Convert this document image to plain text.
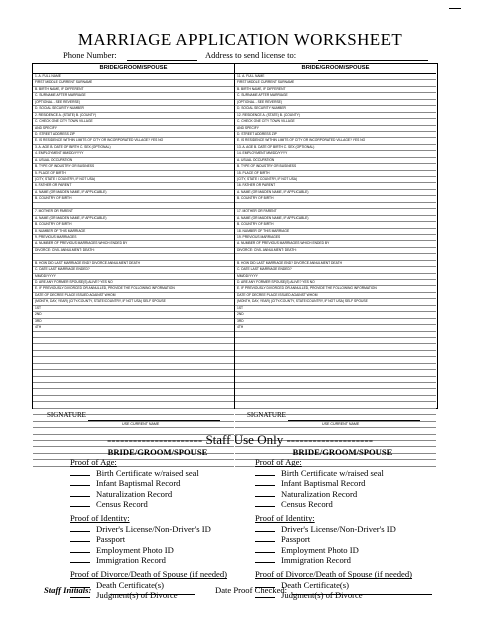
MARRIAGE APPLICATION WORKSHEET
Phone Number:	Address to send license to:
BRIDE/GROOM/SPOUSE
1. A. FULL NAME
FIRST MIDDLE CURRENT SURNAME
B. BIRTH NAME, IF DIFFERENT
C. SURNAME AFTER MARRIAGE
(OPTIONAL - SEE REVERSE)
D. SOCIAL SECURITY NUMBER
2. RESIDENCE A. (STATE) B. (COUNTY)
C. CHECK ONE CITY TOWN VILLAGE
AND SPECIFY
D. STREET ADDRESS ZIP
E. IS RESIDENCE WITHIN LIMITS OF CITY OR INCORPORATED VILLAGE? YES NO
3. A. AGE B. DATE OF BIRTH C. SEX (OPTIONAL)
4. EMPLOYMENT MM/DD/YYYY
A. USUAL OCCUPATION
B. TYPE OF INDUSTRY OR BUSINESS
5. PLACE OF BIRTH
(CITY, STATE / COUNTRY, IF NOT USA)
6. FATHER OR PARENT
A. NAME (OR MAIDEN NAME, IF APPLICABLE)
B. COUNTRY OF BIRTH
7. MOTHER OR PARENT
A. NAME (OR MAIDEN NAME, IF APPLICABLE)
B. COUNTRY OF BIRTH
8. NUMBER OF THIS MARRIAGE
9. PREVIOUS MARRIAGES
A. NUMBER OF PREVIOUS MARRIAGES WHICH ENDED BY
DIVORCE: CIVIL ANNULMENT: DEATH:
B. HOW DID LAST MARRIAGE END? DIVORCE ANNULMENT DEATH
C. DATE LAST MARRIAGE ENDED?
MM/DD/YYYY
D. ARE ANY FORMER SPOUSE(S) ALIVE? YES NO
E. IF PREVIOUSLY DIVORCED OR ANNULLED, PROVIDE THE FOLLOWING INFORMATION
DATE OF DECREE PLACE ISSUED AGAINST WHOM
(MONTH, DAY, YEAR) (CITY/COUNTY, STATE/COUNTRY, IF NOT USA) SELF SPOUSE
1ST
2ND
3RD
4TH
BRIDE/GROOM/SPOUSE
11. A. FULL NAME
FIRST MIDDLE CURRENT SURNAME
B. BIRTH NAME, IF DIFFERENT
C. SURNAME AFTER MARRIAGE
(OPTIONAL - SEE REVERSE)
D. SOCIAL SECURITY NUMBER
12. RESIDENCE A. (STATE) B. (COUNTY)
C. CHECK ONE CITY TOWN VILLAGE
AND SPECIFY
D. STREET ADDRESS ZIP
E. IS RESIDENCE WITHIN LIMITS OF CITY OR INCORPORATED VILLAGE? YES NO
13. A. AGE B. DATE OF BIRTH C. SEX (OPTIONAL)
14. EMPLOYMENT MM/DD/YYYY
A. USUAL OCCUPATION
B. TYPE OF INDUSTRY OR BUSINESS
15. PLACE OF BIRTH
(CITY, STATE / COUNTRY, IF NOT USA)
16. FATHER OR PARENT
A. NAME (OR MAIDEN NAME, IF APPLICABLE)
B. COUNTRY OF BIRTH
17. MOTHER OR PARENT
A. NAME (OR MAIDEN NAME, IF APPLICABLE)
B. COUNTRY OF BIRTH
18. NUMBER OF THIS MARRIAGE
19. PREVIOUS MARRIAGES
A. NUMBER OF PREVIOUS MARRIAGES WHICH ENDED BY
DIVORCE: CIVIL ANNULMENT: DEATH:
B. HOW DID LAST MARRIAGE END? DIVORCE ANNULMENT DEATH
C. DATE LAST MARRIAGE ENDED?
MM/DD/YYYY
D. ARE ANY FORMER SPOUSE(S) ALIVE? YES NO
E. IF PREVIOUSLY DIVORCED OR ANNULLED, PROVIDE THE FOLLOWING INFORMATION
DATE OF DECREE PLACE ISSUED AGAINST WHOM
(MONTH, DAY, YEAR) (CITY/COUNTY, STATE/COUNTRY, IF NOT USA) SELF SPOUSE
1ST
2ND
3RD
4TH
SIGNATURE
USE CURRENT NAME
SIGNATURE
USE CURRENT NAME
---------------------- Staff Use Only --------------------
BRIDE/GROOM/SPOUSE
Proof of Age:
Birth Certificate w/raised seal
Infant Baptismal Record
Naturalization Record
Census Record
Proof of Identity:
Driver's License/Non-Driver's ID
Passport
Employment Photo ID
Immigration Record
Proof of Divorce/Death of Spouse (if needed)
Death Certificate(s)
Judgment(s) of Divorce
BRIDE/GROOM/SPOUSE
Proof of Age:
Birth Certificate w/raised seal
Infant Baptismal Record
Naturalization Record
Census Record
Proof of Identity:
Driver's License/Non-Driver's ID
Passport
Employment Photo ID
Immigration Record
Proof of Divorce/Death of Spouse (if needed)
Death Certificate(s)
Judgment(s) of Divorce
Staff Initials:	Date Proof Checked:
